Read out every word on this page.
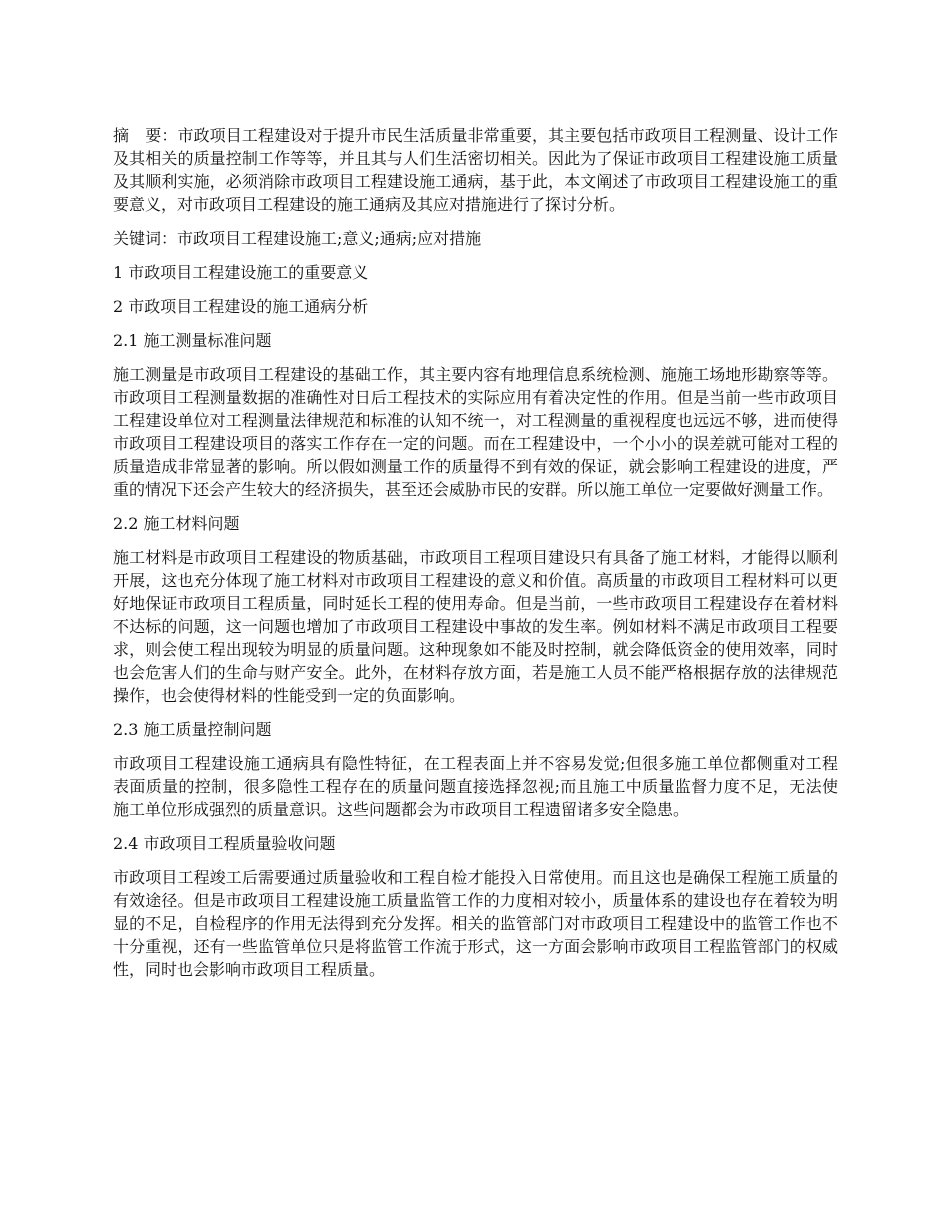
摘　要：市政项目工程建设对于提升市民生活质量非常重要，其主要包括市政项目工程测量、设计工作及其相关的质量控制工作等等，并且其与人们生活密切相关。因此为了保证市政项目工程建设施工质量及其顺利实施，必须消除市政项目工程建设施工通病，基于此，本文阐述了市政项目工程建设施工的重要意义，对市政项目工程建设的施工通病及其应对措施进行了探讨分析。

关键词：市政项目工程建设施工;意义;通病;应对措施

1 市政项目工程建设施工的重要意义

2 市政项目工程建设的施工通病分析

2.1 施工测量标准问题

施工测量是市政项目工程建设的基础工作，其主要内容有地理信息系统检测、施施工场地形勘察等等。市政项目工程测量数据的准确性对日后工程技术的实际应用有着决定性的作用。但是当前一些市政项目工程建设单位对工程测量法律规范和标准的认知不统一，对工程测量的重视程度也远远不够，进而使得市政项目工程建设项目的落实工作存在一定的问题。而在工程建设中，一个小小的误差就可能对工程的质量造成非常显著的影响。所以假如测量工作的质量得不到有效的保证，就会影响工程建设的进度，严重的情况下还会产生较大的经济损失，甚至还会威胁市民的安群。所以施工单位一定要做好测量工作。

2.2 施工材料问题

施工材料是市政项目工程建设的物质基础，市政项目工程项目建设只有具备了施工材料，才能得以顺利开展，这也充分体现了施工材料对市政项目工程建设的意义和价值。高质量的市政项目工程材料可以更好地保证市政项目工程质量，同时延长工程的使用寿命。但是当前，一些市政项目工程建设存在着材料不达标的问题，这一问题也增加了市政项目工程建设中事故的发生率。例如材料不满足市政项目工程要求，则会使工程出现较为明显的质量问题。这种现象如不能及时控制，就会降低资金的使用效率，同时也会危害人们的生命与财产安全。此外，在材料存放方面，若是施工人员不能严格根据存放的法律规范操作，也会使得材料的性能受到一定的负面影响。

2.3 施工质量控制问题

市政项目工程建设施工通病具有隐性特征，在工程表面上并不容易发觉;但很多施工单位都侧重对工程表面质量的控制，很多隐性工程存在的质量问题直接选择忽视;而且施工中质量监督力度不足，无法使施工单位形成强烈的质量意识。这些问题都会为市政项目工程遗留诸多安全隐患。

2.4 市政项目工程质量验收问题

市政项目工程竣工后需要通过质量验收和工程自检才能投入日常使用。而且这也是确保工程施工质量的有效途径。但是市政项目工程建设施工质量监管工作的力度相对较小，质量体系的建设也存在着较为明显的不足，自检程序的作用无法得到充分发挥。相关的监管部门对市政项目工程建设中的监管工作也不十分重视，还有一些监管单位只是将监管工作流于形式，这一方面会影响市政项目工程监管部门的权威性，同时也会影响市政项目工程质量。
